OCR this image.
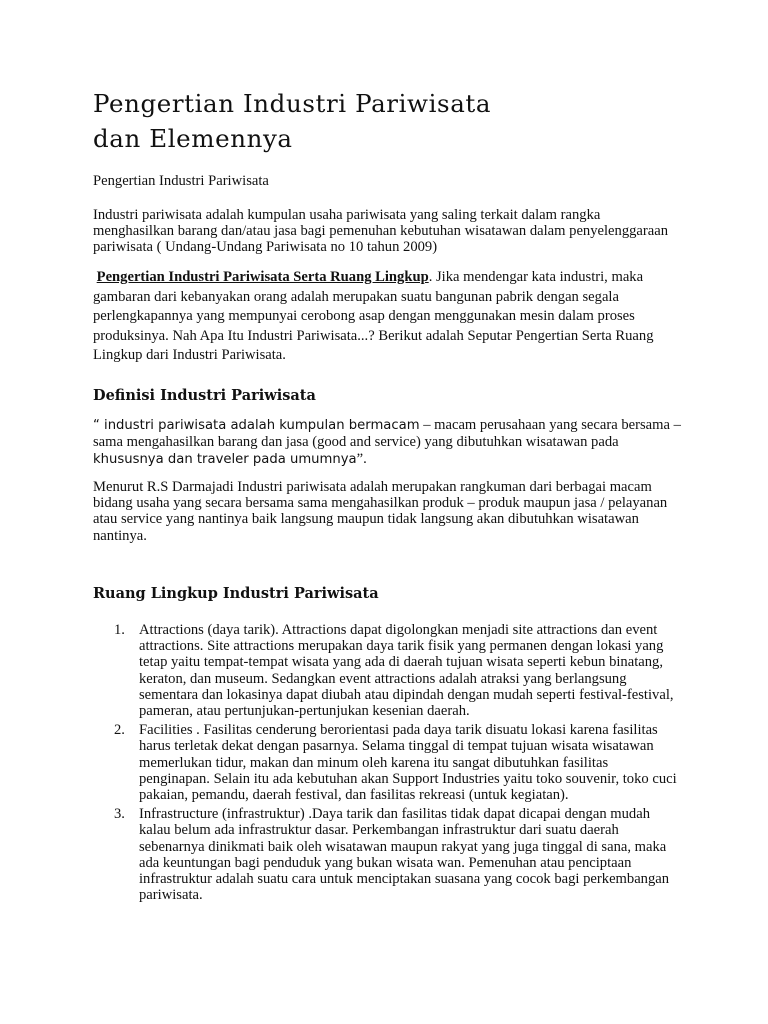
Pengertian Industri Pariwisata
dan Elemennya

Pengertian Industri Pariwisata

Industri pariwisata adalah kumpulan usaha pariwisata yang saling terkait dalam rangka menghasilkan barang dan/atau jasa bagi pemenuhan kebutuhan wisatawan dalam penyelenggaraan pariwisata ( Undang-Undang Pariwisata no 10 tahun 2009)

Pengertian Industri Pariwisata Serta Ruang Lingkup. Jika mendengar kata industri, maka gambaran dari kebanyakan orang adalah merupakan suatu bangunan pabrik dengan segala perlengkapannya yang mempunyai cerobong asap dengan menggunakan mesin dalam proses produksinya. Nah Apa Itu Industri Pariwisata...? Berikut adalah Seputar Pengertian Serta Ruang Lingkup dari Industri Pariwisata.

Definisi Industri Pariwisata

“ industri pariwisata adalah kumpulan bermacam – macam perusahaan yang secara bersama – sama mengahasilkan barang dan jasa (good and service) yang dibutuhkan wisatawan pada khususnya dan traveler pada umumnya”.

Menurut R.S Darmajadi Industri pariwisata adalah merupakan rangkuman dari berbagai macam bidang usaha yang secara bersama sama mengahasilkan produk – produk maupun jasa / pelayanan atau service yang nantinya baik langsung maupun tidak langsung akan dibutuhkan wisatawan nantinya.

Ruang Lingkup Industri Pariwisata
1. Attractions (daya tarik). Attractions dapat digolongkan menjadi site attractions dan event attractions. Site attractions merupakan daya tarik fisik yang permanen dengan lokasi yang tetap yaitu tempat-tempat wisata yang ada di daerah tujuan wisata seperti kebun binatang, keraton, dan museum. Sedangkan event attractions adalah atraksi yang berlangsung sementara dan lokasinya dapat diubah atau dipindah dengan mudah seperti festival-festival, pameran, atau pertunjukan-pertunjukan kesenian daerah.
2. Facilities . Fasilitas cenderung berorientasi pada daya tarik disuatu lokasi karena fasilitas harus terletak dekat dengan pasarnya. Selama tinggal di tempat tujuan wisata wisatawan memerlukan tidur, makan dan minum oleh karena itu sangat dibutuhkan fasilitas penginapan. Selain itu ada kebutuhan akan Support Industries yaitu toko souvenir, toko cuci pakaian, pemandu, daerah festival, dan fasilitas rekreasi (untuk kegiatan).
3. Infrastructure (infrastruktur) .Daya tarik dan fasilitas tidak dapat dicapai dengan mudah kalau belum ada infrastruktur dasar. Perkembangan infrastruktur dari suatu daerah sebenarnya dinikmati baik oleh wisatawan maupun rakyat yang juga tinggal di sana, maka ada keuntungan bagi penduduk yang bukan wisata wan. Pemenuhan atau penciptaan infrastruktur adalah suatu cara untuk menciptakan suasana yang cocok bagi perkembangan pariwisata.
